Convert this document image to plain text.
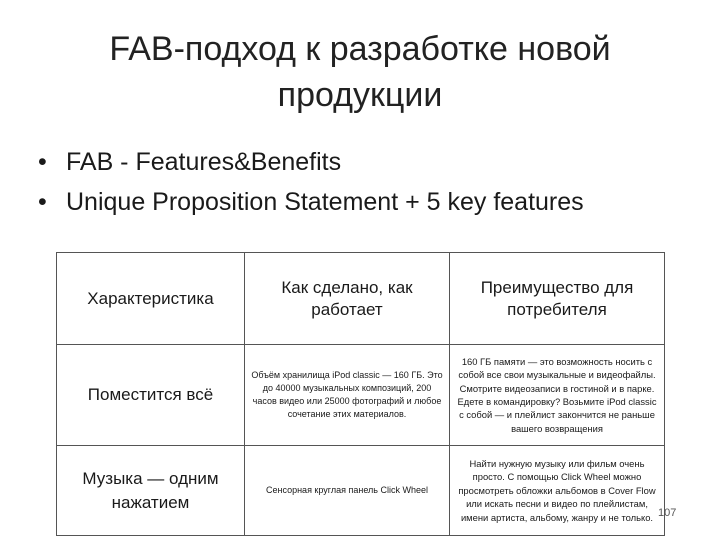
FAB-подход к разработке новой продукции
• FAB - Features&Benefits
• Unique Proposition Statement + 5 key features
Характеристика	Как сделано, как работает	Преимущество для потребителя
Поместится всё	Объём хранилища iPod classic — 160 ГБ. Это до 40000 музыкальных композиций, 200 часов видео или 25000 фотографий и любое сочетание этих материалов.	160 ГБ памяти — это возможность носить с собой все свои музыкальные и видеофайлы. Смотрите видеозаписи в гостиной и в парке. Едете в командировку? Возьмите iPod classic с собой — и плейлист закончится не раньше вашего возвращения
Музыка — одним нажатием	Сенсорная круглая панель Click Wheel	Найти нужную музыку или фильм очень просто. С помощью Click Wheel можно просмотреть обложки альбомов в Cover Flow или искать песни и видео по плейлистам, имени артиста, альбому, жанру и не только. 107
